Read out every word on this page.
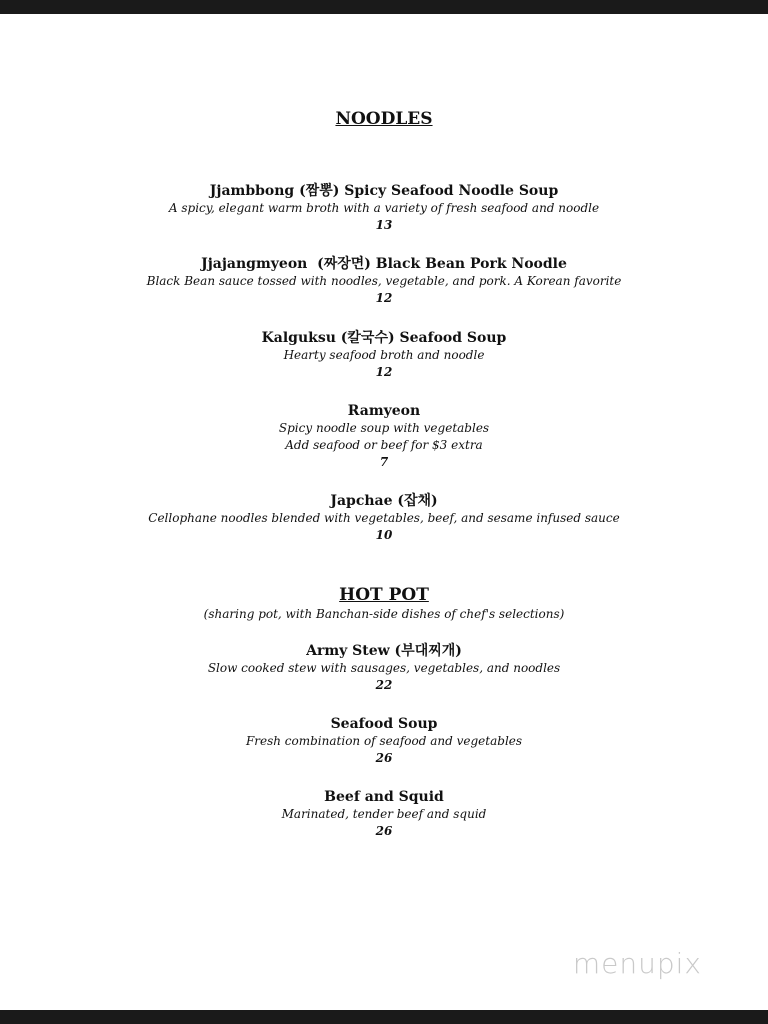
NOODLES
Jjambbong (짬뽕) Spicy Seafood Noodle Soup
A spicy, elegant warm broth with a variety of fresh seafood and noodle
13
Jjajangmyeon  (짜장면) Black Bean Pork Noodle
Black Bean sauce tossed with noodles, vegetable, and pork. A Korean favorite
12
Kalguksu (칼국수) Seafood Soup
Hearty seafood broth and noodle
12
Ramyeon
Spicy noodle soup with vegetables
Add seafood or beef for $3 extra
7
Japchae (잡채)
Cellophane noodles blended with vegetables, beef, and sesame infused sauce
10
HOT POT
(sharing pot, with Banchan-side dishes of chef's selections)
Army Stew (부대찌개)
Slow cooked stew with sausages, vegetables, and noodles
22
Seafood Soup
Fresh combination of seafood and vegetables
26
Beef and Squid
Marinated, tender beef and squid
26
menupix
